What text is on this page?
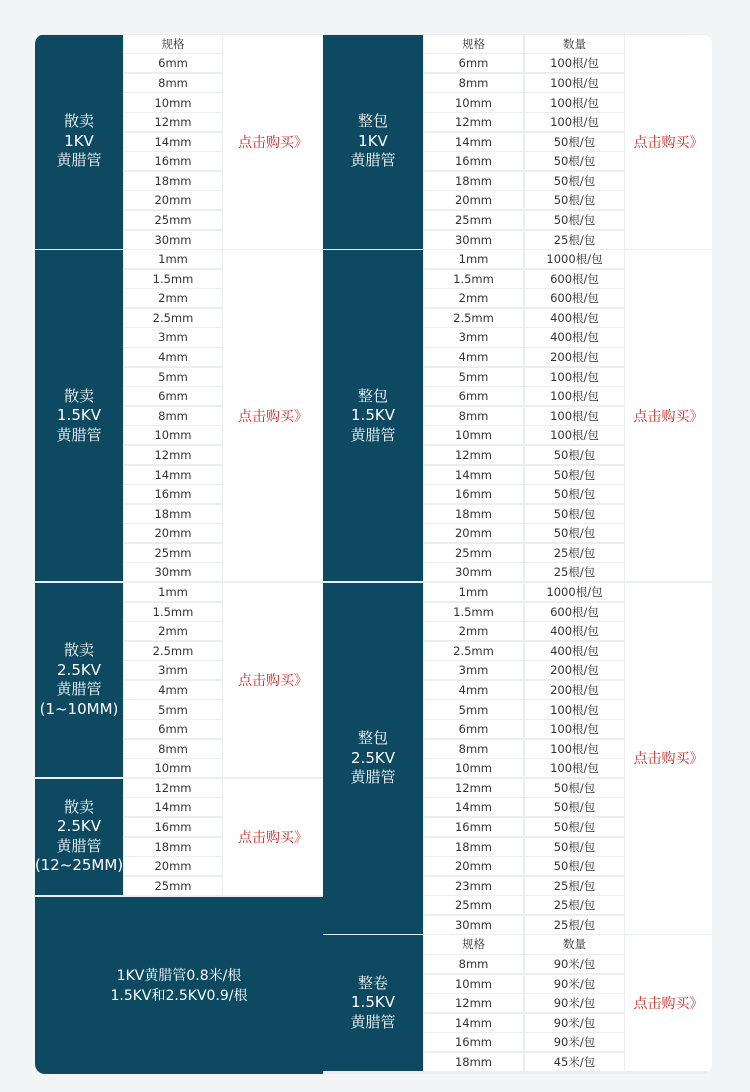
散卖
1KV
黄腊管
规格
6mm
8mm
10mm
12mm
14mm
16mm
18mm
20mm
25mm
30mm
点击购买》
散卖
1.5KV
黄腊管
1mm
1.5mm
2mm
2.5mm
3mm
4mm
5mm
6mm
8mm
10mm
12mm
14mm
16mm
18mm
20mm
25mm
30mm
点击购买》
散卖
2.5KV
黄腊管
(1~10MM)
1mm
1.5mm
2mm
2.5mm
3mm
4mm
5mm
6mm
8mm
10mm
点击购买》
散卖
2.5KV
黄腊管
(12~25MM)
12mm
14mm
16mm
18mm
20mm
25mm
点击购买》
1KV黄腊管0.8米/根
1.5KV和2.5KV0.9/根
整包
1KV
黄腊管
规格	数量
6mm	100根/包
8mm	100根/包
10mm	100根/包
12mm	100根/包
14mm	50根/包
16mm	50根/包
18mm	50根/包
20mm	50根/包
25mm	50根/包
30mm	25根/包
点击购买》
整包
1.5KV
黄腊管
1mm	1000根/包
1.5mm	600根/包
2mm	600根/包
2.5mm	400根/包
3mm	400根/包
4mm	200根/包
5mm	100根/包
6mm	100根/包
8mm	100根/包
10mm	100根/包
12mm	50根/包
14mm	50根/包
16mm	50根/包
18mm	50根/包
20mm	50根/包
25mm	25根/包
30mm	25根/包
点击购买》
整包
2.5KV
黄腊管
1mm	1000根/包
1.5mm	600根/包
2mm	400根/包
2.5mm	400根/包
3mm	200根/包
4mm	200根/包
5mm	100根/包
6mm	100根/包
8mm	100根/包
10mm	100根/包
12mm	50根/包
14mm	50根/包
16mm	50根/包
18mm	50根/包
20mm	50根/包
23mm	25根/包
25mm	25根/包
30mm	25根/包
点击购买》
整卷
1.5KV
黄腊管
规格	数量
8mm	90米/包
10mm	90米/包
12mm	90米/包
14mm	90米/包
16mm	90米/包
18mm	45米/包
点击购买》
